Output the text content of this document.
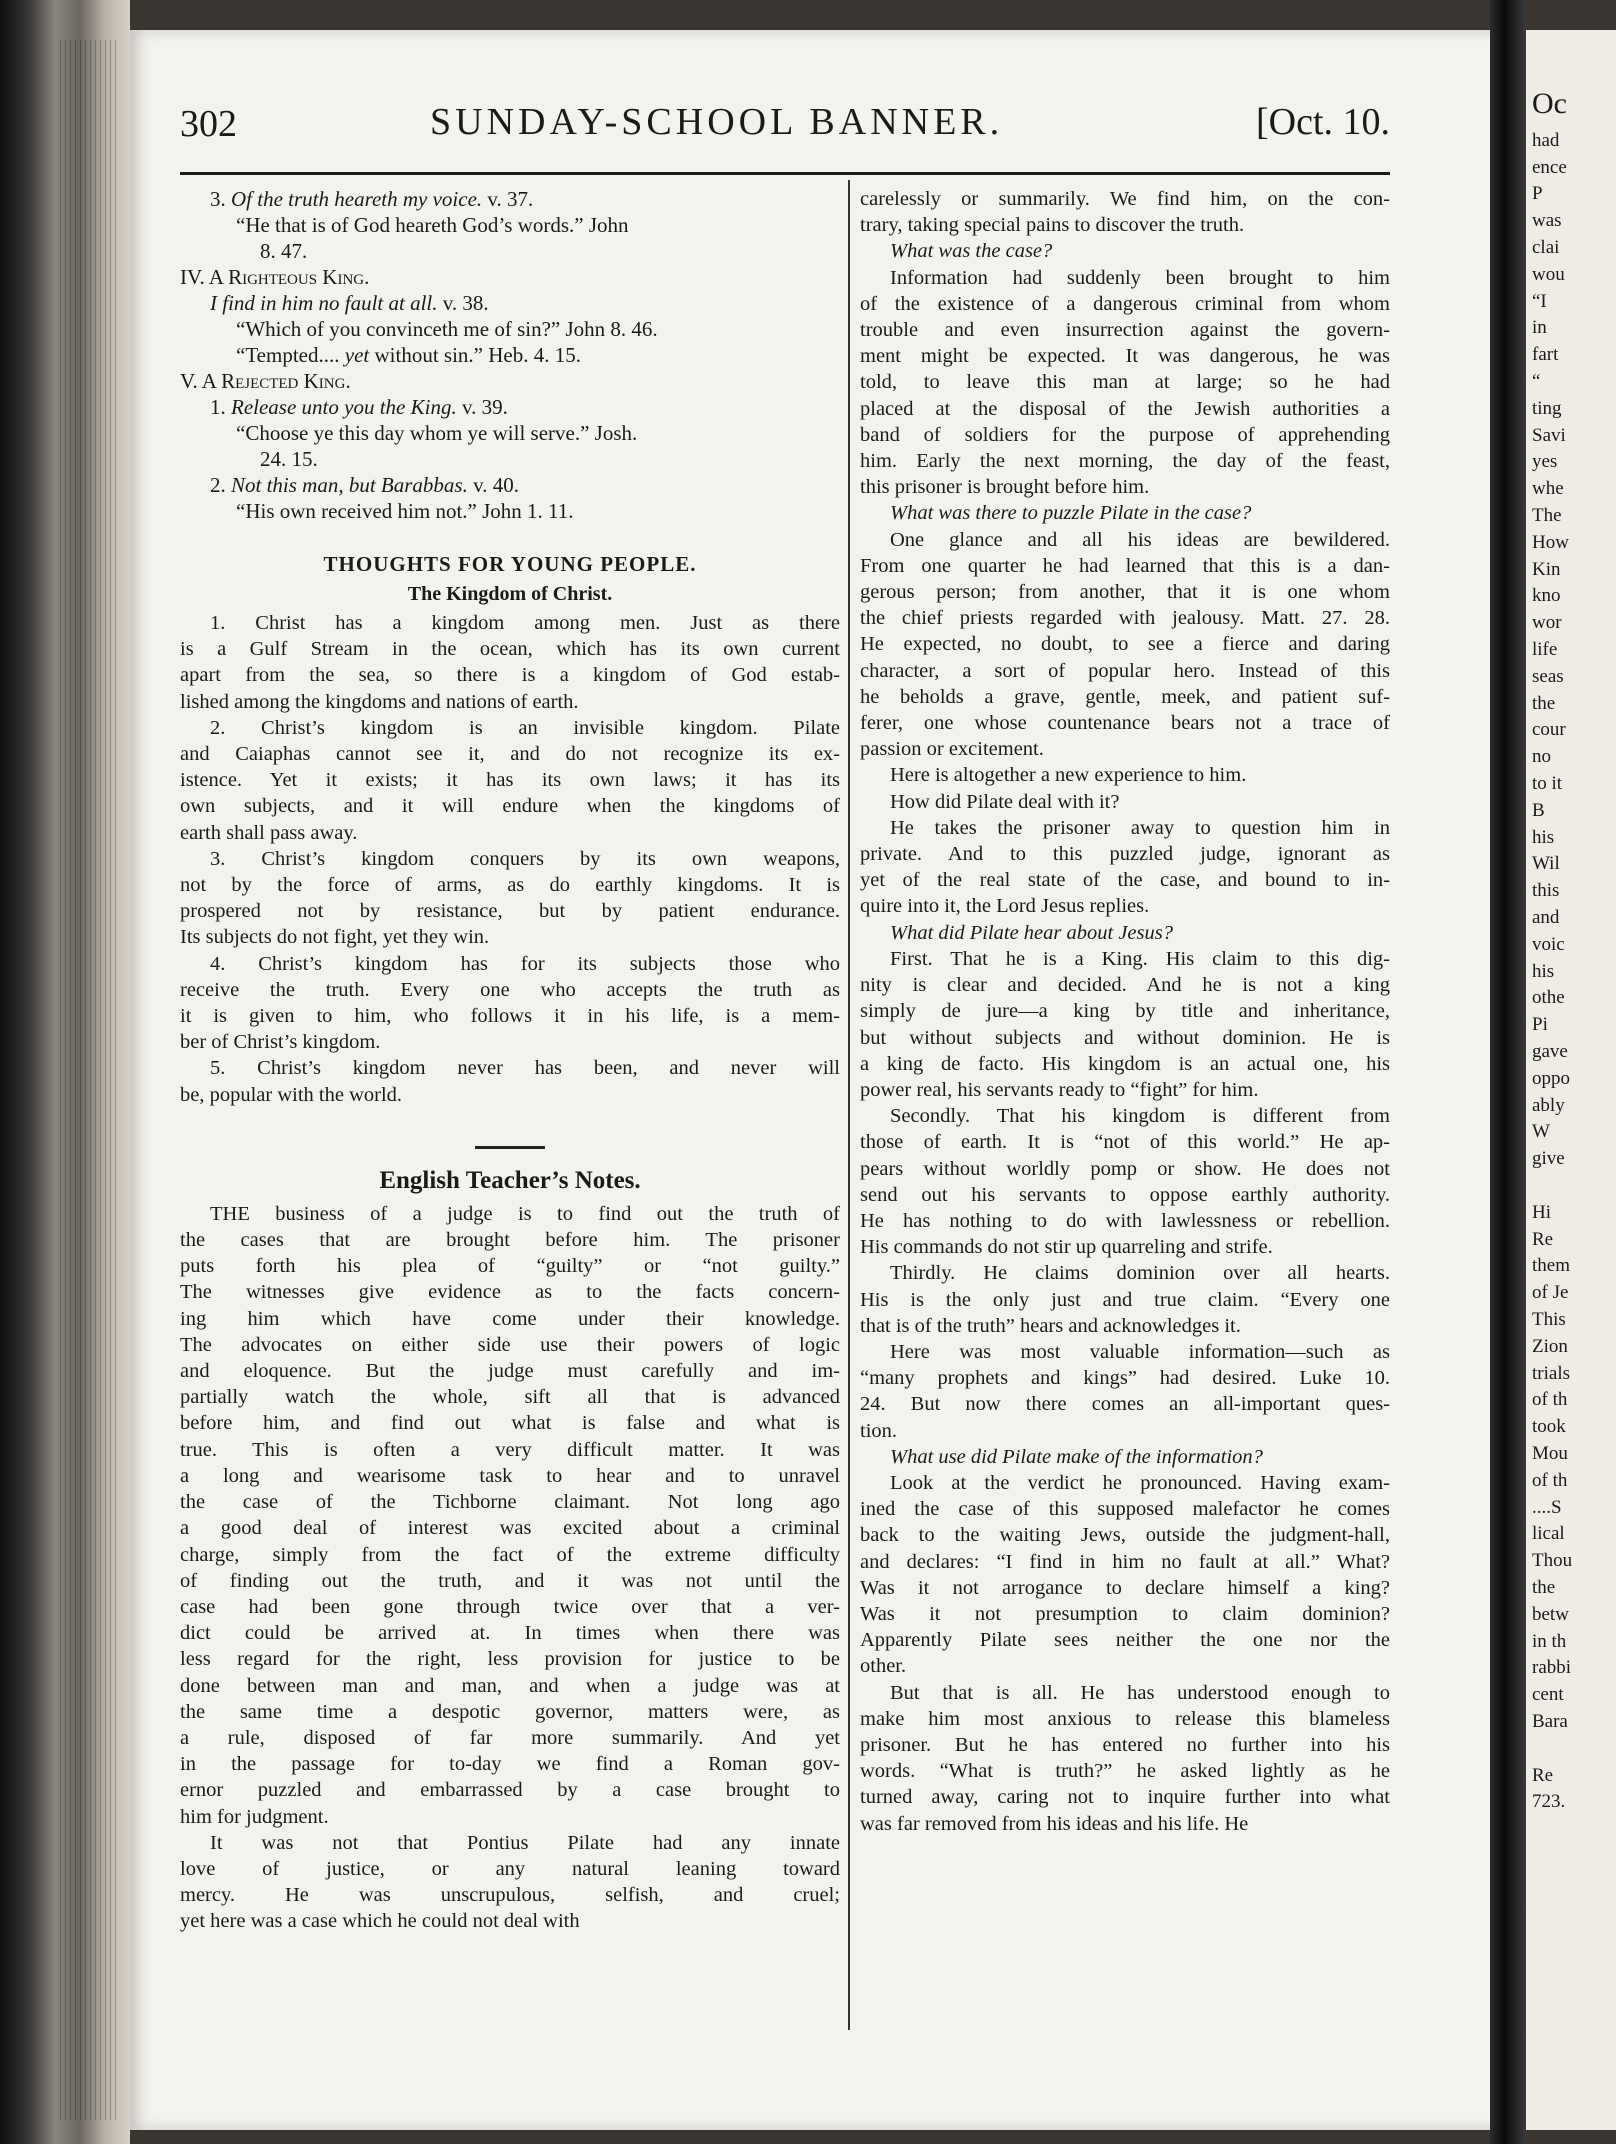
302	SUNDAY-SCHOOL BANNER.	[Oct. 10.
3. Of the truth heareth my voice. v. 37.
“He that is of God heareth God’s words.” John
8. 47.
IV. A Righteous King.
I find in him no fault at all. v. 38.
“Which of you convinceth me of sin?” John 8. 46.
“Tempted.... yet without sin.” Heb. 4. 15.
V. A Rejected King.
1. Release unto you the King. v. 39.
“Choose ye this day whom ye will serve.” Josh.
24. 15.
2. Not this man, but Barabbas. v. 40.
“His own received him not.” John 1. 11.
THOUGHTS FOR YOUNG PEOPLE.
The Kingdom of Christ.

1. Christ has a kingdom among men. Just as there
is a Gulf Stream in the ocean, which has its own current
apart from the sea, so there is a kingdom of God estab-
lished among the kingdoms and nations of earth.

2. Christ’s kingdom is an invisible kingdom. Pilate
and Caiaphas cannot see it, and do not recognize its ex-
istence. Yet it exists; it has its own laws; it has its
own subjects, and it will endure when the kingdoms of
earth shall pass away.

3. Christ’s kingdom conquers by its own weapons,
not by the force of arms, as do earthly kingdoms. It is
prospered not by resistance, but by patient endurance.
Its subjects do not fight, yet they win.

4. Christ’s kingdom has for its subjects those who
receive the truth. Every one who accepts the truth as
it is given to him, who follows it in his life, is a mem-
ber of Christ’s kingdom.

5. Christ’s kingdom never has been, and never will
be, popular with the world.

English Teacher’s Notes.

THE business of a judge is to find out the truth of
the cases that are brought before him. The prisoner
puts forth his plea of “guilty” or “not guilty.”
The witnesses give evidence as to the facts concern-
ing him which have come under their knowledge.
The advocates on either side use their powers of logic
and eloquence. But the judge must carefully and im-
partially watch the whole, sift all that is advanced
before him, and find out what is false and what is
true. This is often a very difficult matter. It was
a long and wearisome task to hear and to unravel
the case of the Tichborne claimant. Not long ago
a good deal of interest was excited about a criminal
charge, simply from the fact of the extreme difficulty
of finding out the truth, and it was not until the
case had been gone through twice over that a ver-
dict could be arrived at. In times when there was
less regard for the right, less provision for justice to be
done between man and man, and when a judge was at
the same time a despotic governor, matters were, as
a rule, disposed of far more summarily. And yet
in the passage for to-day we find a Roman gov-
ernor puzzled and embarrassed by a case brought to
him for judgment.

It was not that Pontius Pilate had any innate
love of justice, or any natural leaning toward
mercy. He was unscrupulous, selfish, and cruel;
yet here was a case which he could not deal with

carelessly or summarily. We find him, on the con-
trary, taking special pains to discover the truth.

What was the case?

Information had suddenly been brought to him
of the existence of a dangerous criminal from whom
trouble and even insurrection against the govern-
ment might be expected. It was dangerous, he was
told, to leave this man at large; so he had
placed at the disposal of the Jewish authorities a
band of soldiers for the purpose of apprehending
him. Early the next morning, the day of the feast,
this prisoner is brought before him.

What was there to puzzle Pilate in the case?

One glance and all his ideas are bewildered.
From one quarter he had learned that this is a dan-
gerous person; from another, that it is one whom
the chief priests regarded with jealousy. Matt. 27. 28.
He expected, no doubt, to see a fierce and daring
character, a sort of popular hero. Instead of this
he beholds a grave, gentle, meek, and patient suf-
ferer, one whose countenance bears not a trace of
passion or excitement.

Here is altogether a new experience to him.

How did Pilate deal with it?

He takes the prisoner away to question him in
private. And to this puzzled judge, ignorant as
yet of the real state of the case, and bound to in-
quire into it, the Lord Jesus replies.

What did Pilate hear about Jesus?

First. That he is a King. His claim to this dig-
nity is clear and decided. And he is not a king
simply de jure—a king by title and inheritance,
but without subjects and without dominion. He is
a king de facto. His kingdom is an actual one, his
power real, his servants ready to “fight” for him.

Secondly. That his kingdom is different from
those of earth. It is “not of this world.” He ap-
pears without worldly pomp or show. He does not
send out his servants to oppose earthly authority.
He has nothing to do with lawlessness or rebellion.
His commands do not stir up quarreling and strife.

Thirdly. He claims dominion over all hearts.
His is the only just and true claim. “Every one
that is of the truth” hears and acknowledges it.

Here was most valuable information—such as
“many prophets and kings” had desired. Luke 10.
24. But now there comes an all-important ques-
tion.

What use did Pilate make of the information?

Look at the verdict he pronounced. Having exam-
ined the case of this supposed malefactor he comes
back to the waiting Jews, outside the judgment-hall,
and declares: “I find in him no fault at all.” What?
Was it not arrogance to declare himself a king?
Was it not presumption to claim dominion?
Apparently Pilate sees neither the one nor the
other.

But that is all. He has understood enough to
make him most anxious to release this blameless
prisoner. But he has entered no further into his
words. “What is truth?” he asked lightly as he
turned away, caring not to inquire further into what
was far removed from his ideas and his life. He

Oc
had
ence
P
was
clai
wou
“I
in
fart
“
ting
Savi
yes
whe
The
How
Kin
kno
wor
life
seas
the
cour
no
to it
B
his
Wil
this
and
voic
his
othe
Pi
gave
oppo
ably
W
give
Hi
Re
them
of Je
This
Zion
trials
of th
took
Mou
of th
....S
lical
Thou
the
betw
in th
rabbi
cent
Bara
Re
723.
